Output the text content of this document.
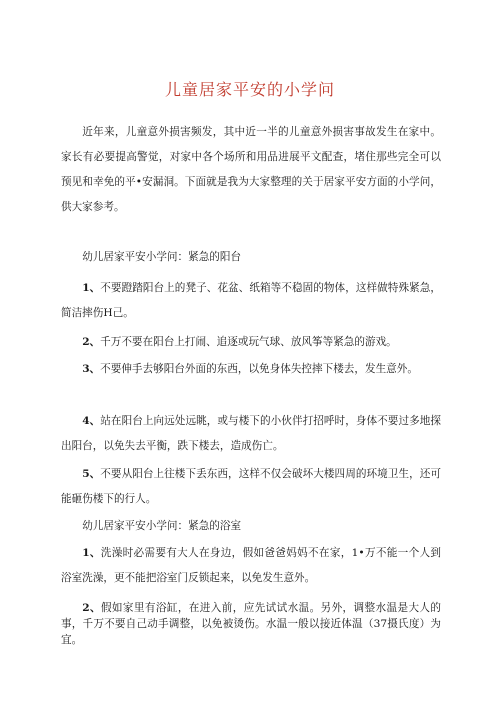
儿童居家平安的小学问

近年来，儿童意外损害频发，其中近一半的儿童意外损害事故发生在家中。家长有必要提高警觉，对家中各个场所和用品进展平文配查，堵住那些完全可以预见和幸免的平•安漏洞。下面就是我为大家整理的关于居家平安方面的小学问，供大家参考。

幼儿居家平安小学问：紧急的阳台

1、不要蹬踏阳台上的凳子、花盆、纸箱等不稳固的物体，这样做特殊紧急，简洁摔伤H己。

2、千万不要在阳台上打闹、追逐或玩气球、放风筝等紧急的游戏。

3、不要伸手去够阳台外面的东西，以免身体失控摔下楼去，发生意外。

4、站在阳台上向远处远眺，或与楼下的小伙伴打招呼时，身体不要过多地探出阳台，以免失去平衡，跌下楼去，造成伤亡。

5、不要从阳台上往楼下丢东西，这样不仅会破坏大楼四周的环境卫生，还可能砸伤楼下的行人。

幼儿居家平安小学问：紧急的浴室

1、洗澡时必需要有大人在身边，假如爸爸妈妈不在家，1•万不能一个人到浴室洗澡，更不能把浴室门反锁起来，以免发生意外。

2、假如家里有浴缸，在进入前，应先试试水温。另外，调整水温是大人的事，千万不要自己动手调整，以免被烫伤。水温一般以接近体温（37摄氏度）为宜。
